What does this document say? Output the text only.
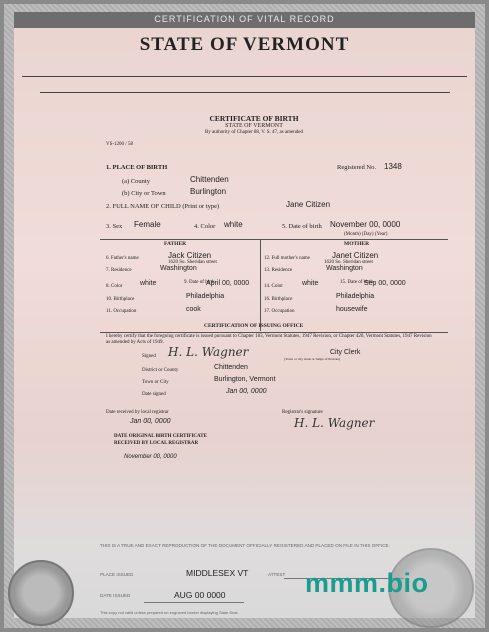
CERTIFICATION OF VITAL RECORD
STATE OF VERMONT
CERTIFICATE OF BIRTH
STATE OF VERMONT
By authority of Chapter 88, V. S. 47, as amended
VS-1200 / 58
1. PLACE OF BIRTH	Registered No. 1348
(a) County	Chittenden
(b) City or Town	Burlington
2. FULL NAME OF CHILD (Print or type)	Jane Citizen
3. Sex Female	4. Color white	5. Date of birth November 00, 0000
(Month) (Day) (Year)
FATHER	MOTHER
6. Father's name	Jack Citizen
1620 So. Sheridan street
7. Residence	Washington
8. Color	white	9. Date of birth
April 00, 0000
10. Birthplace	Philadelphia
11. Occupation	cook
12. Full mother's name	Janet Citizen
1620 So. Sheridan street
13. Residence	Washington
14. Color	white	15. Date of birth
Sep 00, 0000
16. Birthplace	Philadelphia
17. Occupation	housewife
CERTIFICATION OF ISSUING OFFICE
I hereby certify that the foregoing certificate is issued pursuant to Chapter 183, Vermont Statutes, 1947 Revision, or Chapter 420, Vermont Statutes, 1947 Revision as amended by Acts of 1949.
Signed H. L. Wagner	City Clerk
(Town or city clerk or Judge of Probate)
District or County	Chittenden
Town or City	Burlington, Vermont
Date signed	Jan 00, 0000
Date received by local registrar
Jan 00, 0000
Registrar's signature
H. L. Wagner
DATE ORIGINAL BIRTH CERTIFICATE
RECEIVED BY LOCAL REGISTRAR
November 00, 0000
THIS IS A TRUE AND EXACT REPRODUCTION OF THE DOCUMENT OFFICIALLY REGISTERED AND PLACED ON FILE IN THIS OFFICE.
PLACE ISSUED	MIDDLESEX VT	ATTEST
DATE ISSUED	AUG 00 0000
This copy not valid unless prepared on engraved border displaying State Seal.
mmm.bio
